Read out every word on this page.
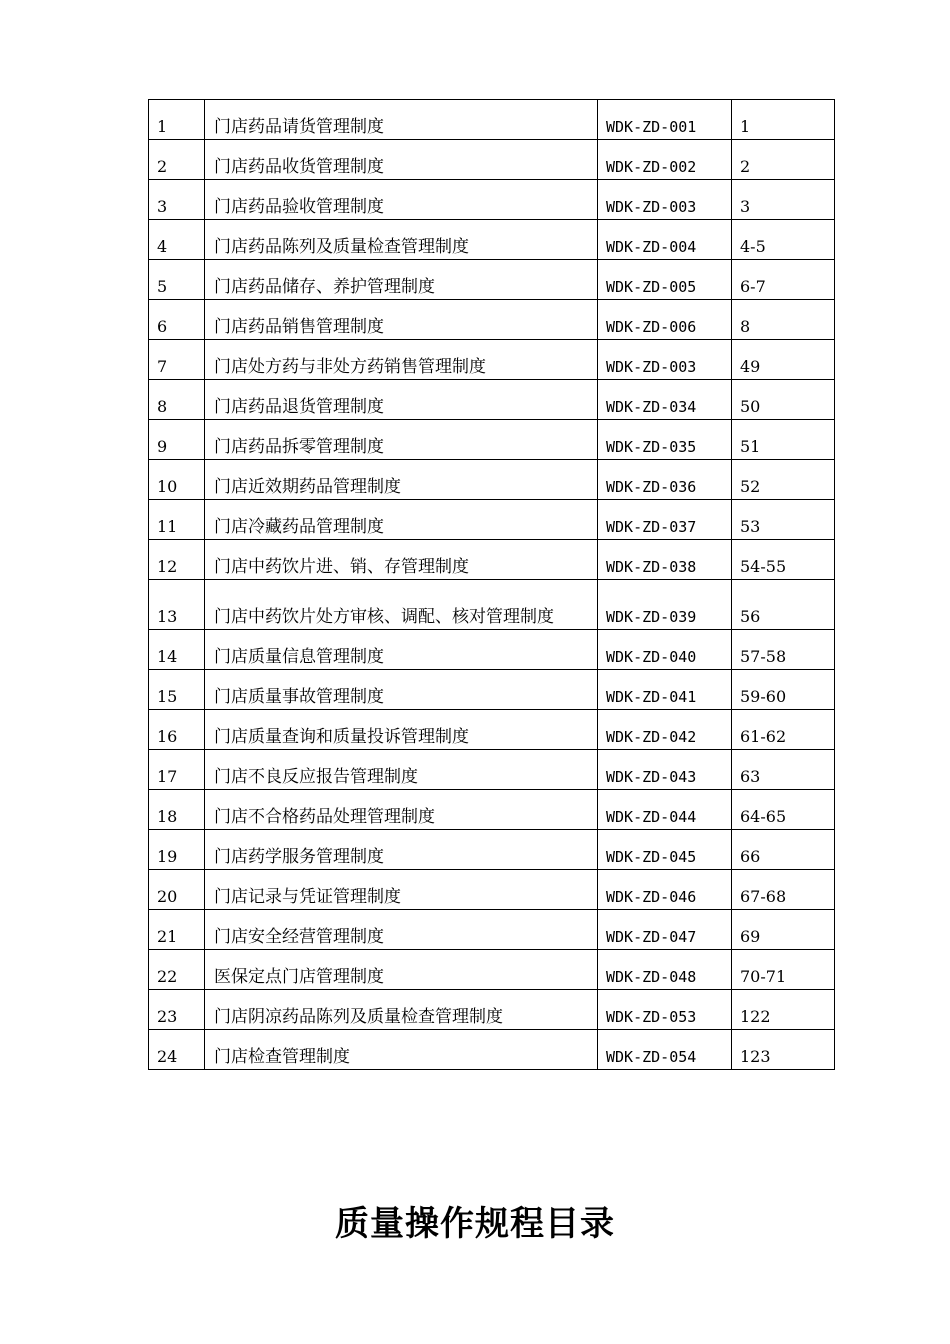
1	门店药品请货管理制度	WDK-ZD-001	1
2	门店药品收货管理制度	WDK-ZD-002	2
3	门店药品验收管理制度	WDK-ZD-003	3
4	门店药品陈列及质量检查管理制度	WDK-ZD-004	4-5
5	门店药品储存、养护管理制度	WDK-ZD-005	6-7
6	门店药品销售管理制度	WDK-ZD-006	8
7	门店处方药与非处方药销售管理制度	WDK-ZD-003	49
8	门店药品退货管理制度	WDK-ZD-034	50
9	门店药品拆零管理制度	WDK-ZD-035	51
10	门店近效期药品管理制度	WDK-ZD-036	52
11	门店冷藏药品管理制度	WDK-ZD-037	53
12	门店中药饮片进、销、存管理制度	WDK-ZD-038	54-55
13	门店中药饮片处方审核、调配、核对管理制度	WDK-ZD-039	56
14	门店质量信息管理制度	WDK-ZD-040	57-58
15	门店质量事故管理制度	WDK-ZD-041	59-60
16	门店质量查询和质量投诉管理制度	WDK-ZD-042	61-62
17	门店不良反应报告管理制度	WDK-ZD-043	63
18	门店不合格药品处理管理制度	WDK-ZD-044	64-65
19	门店药学服务管理制度	WDK-ZD-045	66
20	门店记录与凭证管理制度	WDK-ZD-046	67-68
21	门店安全经营管理制度	WDK-ZD-047	69
22	医保定点门店管理制度	WDK-ZD-048	70-71
23	门店阴凉药品陈列及质量检查管理制度	WDK-ZD-053	122
24	门店检查管理制度	WDK-ZD-054	123
质量操作规程目录
